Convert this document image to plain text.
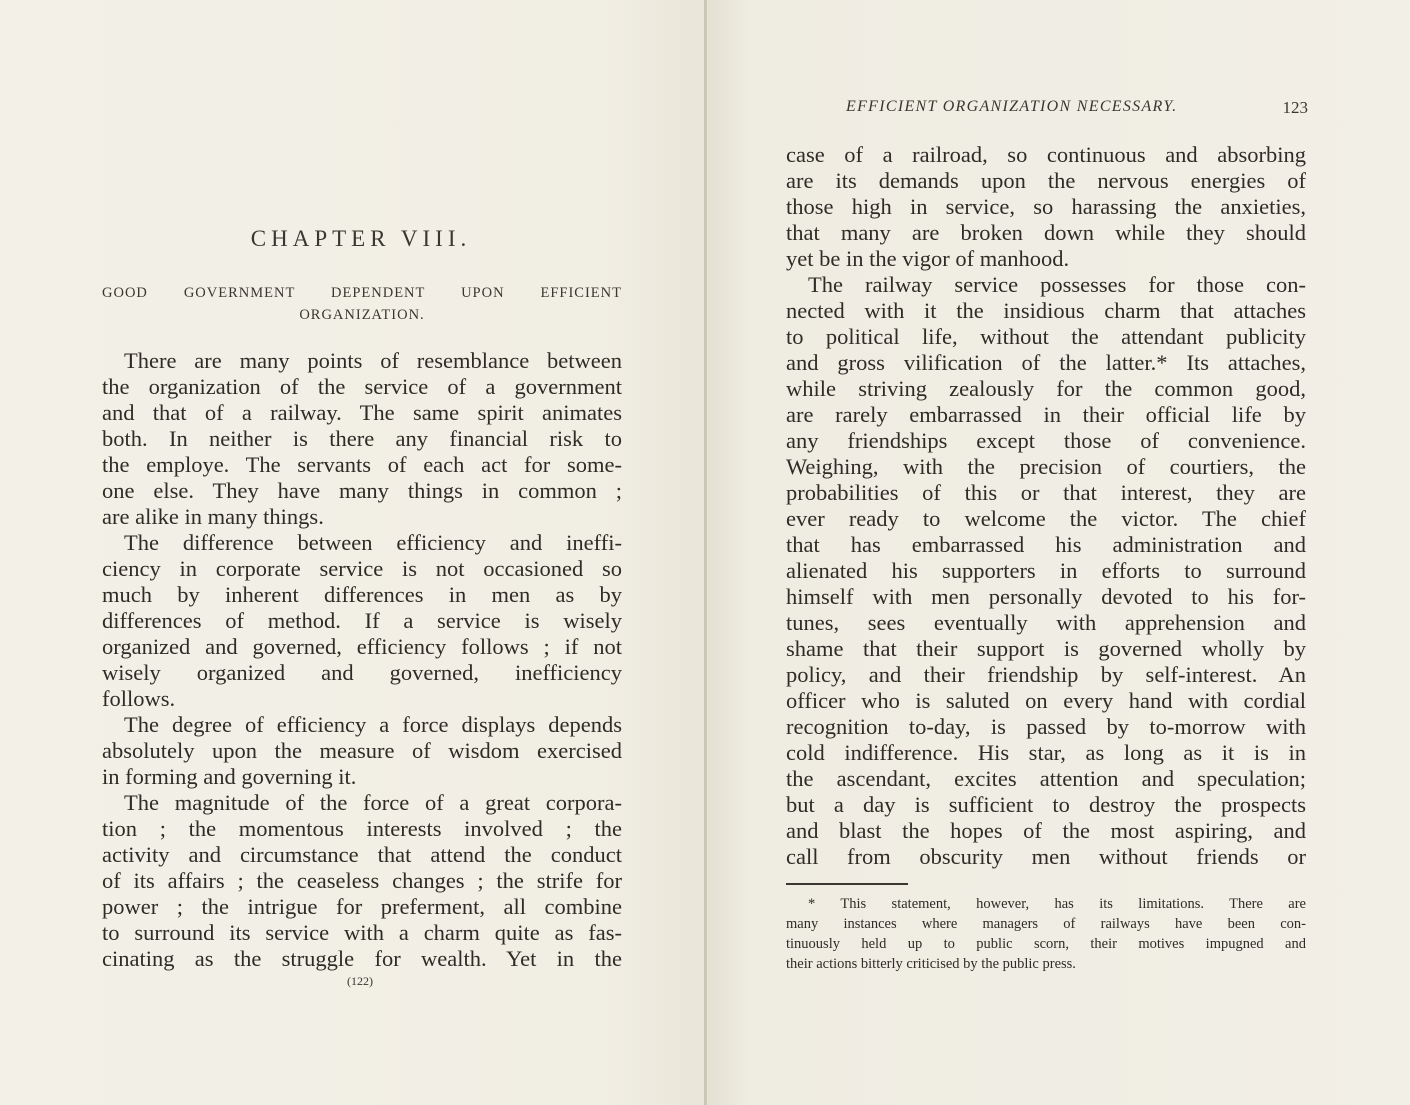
CHAPTER VIII.
GOOD GOVERNMENT DEPENDENT UPON EFFICIENT
ORGANIZATION.
There are many points of resemblance between
the organization of the service of a government
and that of a railway. The same spirit animates
both. In neither is there any financial risk to
the employe. The servants of each act for some-
one else. They have many things in common ;
are alike in many things.
The difference between efficiency and ineffi-
ciency in corporate service is not occasioned so
much by inherent differences in men as by
differences of method. If a service is wisely
organized and governed, efficiency follows ; if not
wisely organized and governed, inefficiency
follows.
The degree of efficiency a force displays depends
absolutely upon the measure of wisdom exercised
in forming and governing it.
The magnitude of the force of a great corpora-
tion ; the momentous interests involved ; the
activity and circumstance that attend the conduct
of its affairs ; the ceaseless changes ; the strife for
power ; the intrigue for preferment, all combine
to surround its service with a charm quite as fas-
cinating as the struggle for wealth. Yet in the
(122)
EFFICIENT ORGANIZATION NECESSARY.	123
case of a railroad, so continuous and absorbing
are its demands upon the nervous energies of
those high in service, so harassing the anxieties,
that many are broken down while they should
yet be in the vigor of manhood.
The railway service possesses for those con-
nected with it the insidious charm that attaches
to political life, without the attendant publicity
and gross vilification of the latter.* Its attaches,
while striving zealously for the common good,
are rarely embarrassed in their official life by
any friendships except those of convenience.
Weighing, with the precision of courtiers, the
probabilities of this or that interest, they are
ever ready to welcome the victor. The chief
that has embarrassed his administration and
alienated his supporters in efforts to surround
himself with men personally devoted to his for-
tunes, sees eventually with apprehension and
shame that their support is governed wholly by
policy, and their friendship by self-interest. An
officer who is saluted on every hand with cordial
recognition to-day, is passed by to-morrow with
cold indifference. His star, as long as it is in
the ascendant, excites attention and speculation;
but a day is sufficient to destroy the prospects
and blast the hopes of the most aspiring, and
call from obscurity men without friends or
* This statement, however, has its limitations. There are
many instances where managers of railways have been con-
tinuously held up to public scorn, their motives impugned and
their actions bitterly criticised by the public press.
